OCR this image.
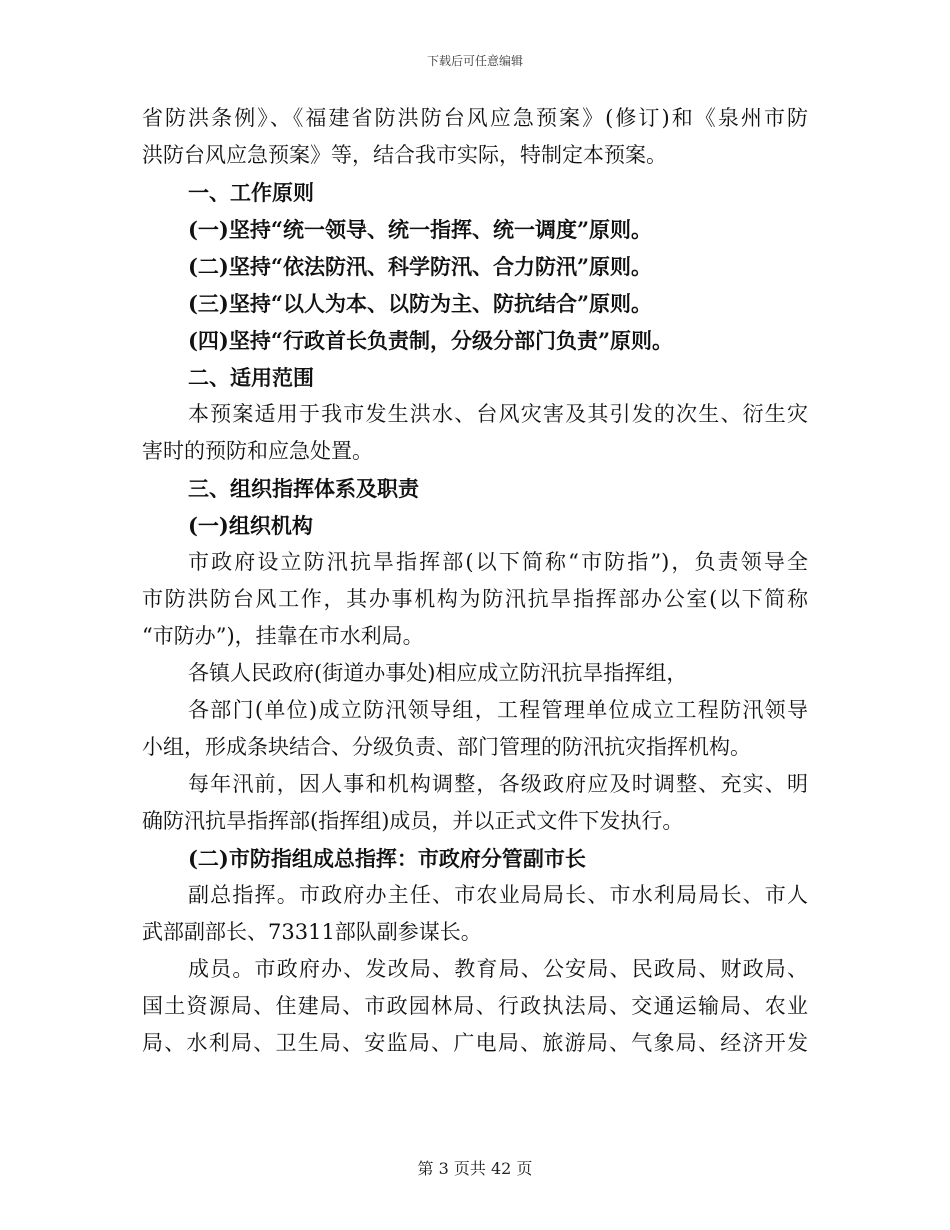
下载后可任意编辑
省防洪条例》、《福建省防洪防台风应急预案》(修订)和《泉州市防
洪防台风应急预案》等，结合我市实际，特制定本预案。
一、工作原则
(一)坚持“统一领导、统一指挥、统一调度”原则。
(二)坚持“依法防汛、科学防汛、合力防汛”原则。
(三)坚持“以人为本、以防为主、防抗结合”原则。
(四)坚持“行政首长负责制，分级分部门负责”原则。
二、适用范围
本预案适用于我市发生洪水、台风灾害及其引发的次生、衍生灾
害时的预防和应急处置。
三、组织指挥体系及职责
(一)组织机构
市政府设立防汛抗旱指挥部(以下简称“市防指”)，负责领导全
市防洪防台风工作，其办事机构为防汛抗旱指挥部办公室(以下简称
“市防办”)，挂靠在市水利局。
各镇人民政府(街道办事处)相应成立防汛抗旱指挥组，
各部门(单位)成立防汛领导组，工程管理单位成立工程防汛领导
小组，形成条块结合、分级负责、部门管理的防汛抗灾指挥机构。
每年汛前，因人事和机构调整，各级政府应及时调整、充实、明
确防汛抗旱指挥部(指挥组)成员，并以正式文件下发执行。
(二)市防指组成总指挥：市政府分管副市长
副总指挥。市政府办主任、市农业局局长、市水利局局长、市人
武部副部长、73311部队副参谋长。
成员。市政府办、发改局、教育局、公安局、民政局、财政局、
国土资源局、住建局、市政园林局、行政执法局、交通运输局、农业
局、水利局、卫生局、安监局、广电局、旅游局、气象局、经济开发
第 3 页共 42 页
